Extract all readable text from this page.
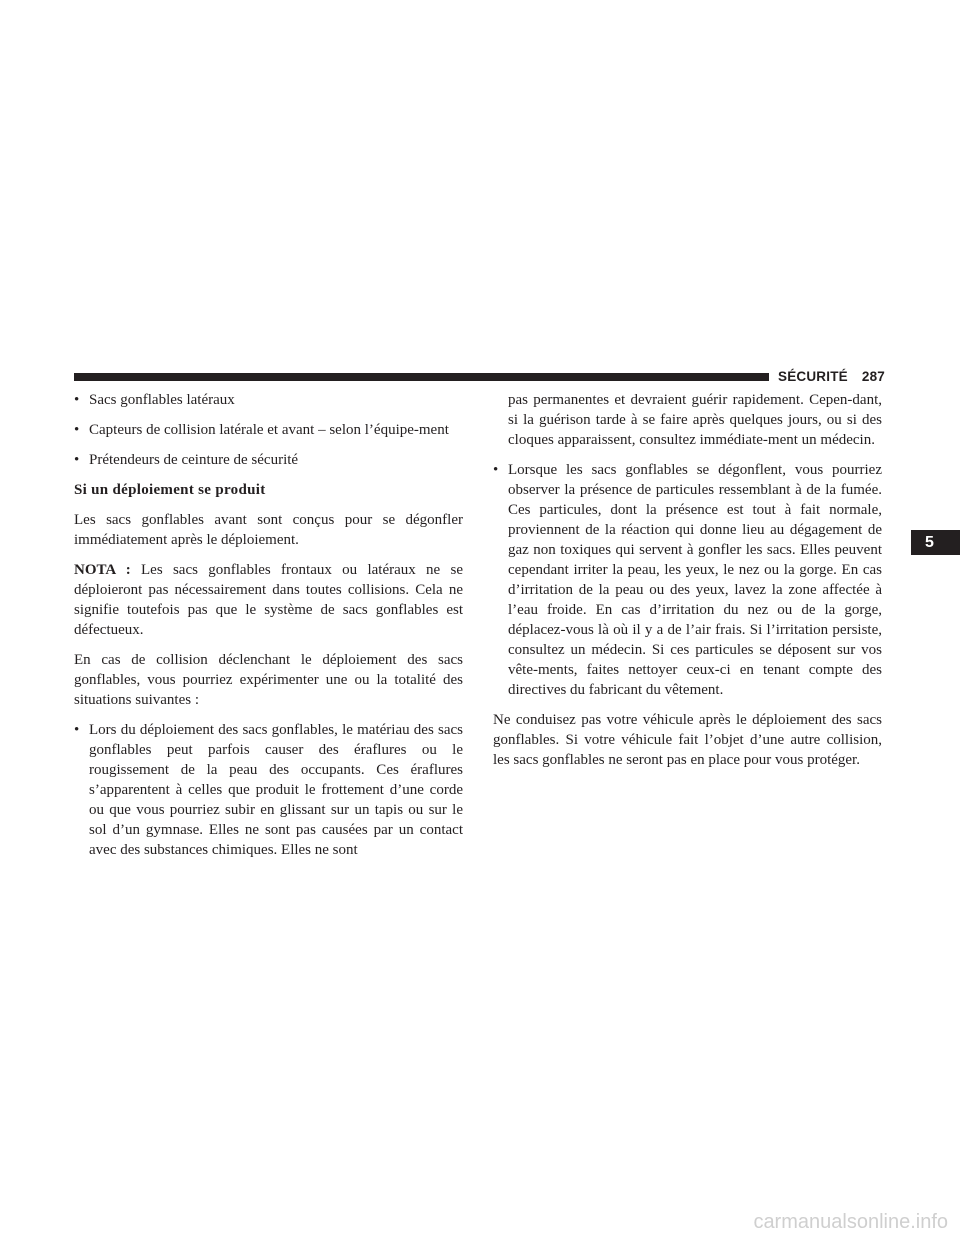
SÉCURITÉ 287
5
• Sacs gonflables latéraux
• Capteurs de collision latérale et avant – selon l’équipe-ment
• Prétendeurs de ceinture de sécurité
Si un déploiement se produit
Les sacs gonflables avant sont conçus pour se dégonfler immédiatement après le déploiement.
NOTA : Les sacs gonflables frontaux ou latéraux ne se déploieront pas nécessairement dans toutes collisions. Cela ne signifie toutefois pas que le système de sacs gonflables est défectueux.
En cas de collision déclenchant le déploiement des sacs gonflables, vous pourriez expérimenter une ou la totalité des situations suivantes :
• Lors du déploiement des sacs gonflables, le matériau des sacs gonflables peut parfois causer des éraflures ou le rougissement de la peau des occupants. Ces éraflures s’apparentent à celles que produit le frottement d’une corde ou que vous pourriez subir en glissant sur un tapis ou sur le sol d’un gymnase. Elles ne sont pas causées par un contact avec des substances chimiques. Elles ne sont
pas permanentes et devraient guérir rapidement. Cepen-dant, si la guérison tarde à se faire après quelques jours, ou si des cloques apparaissent, consultez immédiate-ment un médecin.
• Lorsque les sacs gonflables se dégonflent, vous pourriez observer la présence de particules ressemblant à de la fumée. Ces particules, dont la présence est tout à fait normale, proviennent de la réaction qui donne lieu au dégagement de gaz non toxiques qui servent à gonfler les sacs. Elles peuvent cependant irriter la peau, les yeux, le nez ou la gorge. En cas d’irritation de la peau ou des yeux, lavez la zone affectée à l’eau froide. En cas d’irritation du nez ou de la gorge, déplacez-vous là où il y a de l’air frais. Si l’irritation persiste, consultez un médecin. Si ces particules se déposent sur vos vête-ments, faites nettoyer ceux-ci en tenant compte des directives du fabricant du vêtement.
Ne conduisez pas votre véhicule après le déploiement des sacs gonflables. Si votre véhicule fait l’objet d’une autre collision, les sacs gonflables ne seront pas en place pour vous protéger.
carmanualsonline.info
